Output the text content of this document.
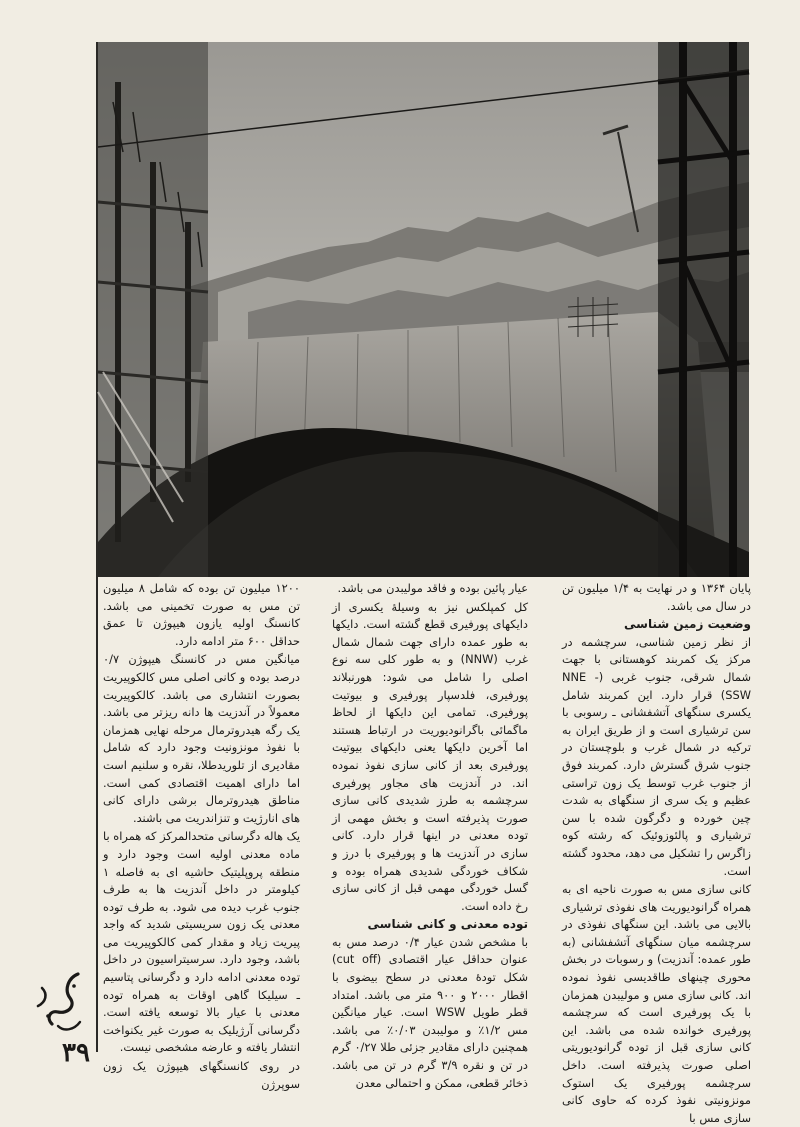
پایان ۱۳۶۴ و در نهایت به ۱/۴ میلیون تن در سال می باشد.

وضعیت زمین شناسی

از نظر زمین شناسی، سرچشمه در مرکز یک کمربند کوهستانی با جهت شمال شرقی، جنوب غربی (NNE - SSW) قرار دارد. این کمربند شامل یکسری سنگهای آتشفشانی ـ رسوبی با سن ترشیاری است و از طریق ایران به ترکیه در شمال غرب و بلوچستان در جنوب شرق گسترش دارد. کمربند فوق از جنوب غرب توسط یک زون تراستی عظیم و یک سری از سنگهای به شدت چین خورده و دگرگون شده با سن ترشیاری و پالئوزوئیک که رشته کوه زاگرس را تشکیل می دهد، محدود گشته است.

کانی سازی مس به صورت ناحیه ای به همراه گرانودیوریت های نفوذی ترشیاری بالایی می باشد. این سنگهای نفوذی در سرچشمه میان سنگهای آتشفشانی (به طور عمده: آندزیت) و رسوبات در بخش محوری چینهای طاقدیسی نفوذ نموده اند. کانی سازی مس و مولیبدن همزمان با یک پورفیری است که سرچشمه پورفیری خوانده شده می باشد. این کانی سازی قبل از توده گرانودیوریتی اصلی صورت پذیرفته است. داخل سرچشمه پورفیری یک استوک مونزونیتی نفوذ کرده که حاوی کانی سازی مس با

عیار پائین بوده و فاقد مولیبدن می باشد.

کل کمپلکس نیز به وسیلهٔ یکسری از دایکهای پورفیری قطع گشته است. دایکها به طور عمده دارای جهت شمال شمال غرب (NNW) و به طور کلی سه نوع اصلی را شامل می شود: هورنبلاند پورفیری، فلدسپار پورفیری و بیوتیت پورفیری. تمامی این دایکها از لحاظ ماگمائی باگرانودیوریت در ارتباط هستند اما آخرین دایکها یعنی دایکهای بیوتیت پورفیری بعد از کانی سازی نفوذ نموده اند. در آندزیت های مجاور پورفیری سرچشمه به طرز شدیدی کانی سازی صورت پذیرفته است و بخش مهمی از توده معدنی در اینها قرار دارد. کانی سازی در آندزیت ها و پورفیری با درز و شکاف خوردگی شدیدی همراه بوده و گسل خوردگی مهمی قبل از کانی سازی رخ داده است.

توده معدنی و کانی شناسی

با مشخص شدن عیار ۰/۴ درصد مس به عنوان حداقل عیار اقتصادی (cut off) شکل تودهٔ معدنی در سطح بیضوی با اقطار ۲۰۰۰ و ۹۰۰ متر می باشد. امتداد قطر طویل WSW است. عیار میانگین مس ۱/۲٪ و مولیبدن ۰/۰۳٪ می باشد. همچنین دارای مقادیر جزئی طلا ۰/۲۷ گرم در تن و نقره ۳/۹ گرم در تن می باشد. ذخائر قطعی، ممکن و احتمالی معدن

۱۲۰۰ میلیون تن بوده که شامل ۸ میلیون تن مس به صورت تخمینی می باشد. کانسنگ اولیه یازون هیپوژن تا عمق حداقل ۶۰۰ متر ادامه دارد.

میانگین مس در کانسنگ هیپوژن ۰/۷ درصد بوده و کانی اصلی مس کالکوپیریت بصورت انتشاری می باشد. کالکوپیریت معمولاً در آندزیت ها دانه ریزتر می باشد. یک رگه هیدروترمال مرحله نهایی همزمان با نفوذ مونزونیت وجود دارد که شامل مقادیری از تلوریدطلا، نقره و سلنیم است اما دارای اهمیت اقتصادی کمی است. مناطق هیدروترمال برشی دارای کانی های انارژیت و تنزاندریت می باشند.

یک هاله دگرسانی متحدالمرکز که همراه با ماده معدنی اولیه است وجود دارد و منطقه پروپلیتیک حاشیه ای به فاصله ۱ کیلومتر در داخل آندزیت ها به طرف جنوب غرب دیده می شود. به طرف توده معدنی یک زون سریسیتی شدید که واجد پیریت زیاد و مقدار کمی کالکوپیریت می باشد، وجود دارد. سرسیتراسیون در داخل توده معدنی ادامه دارد و دگرسانی پتاسیم ـ سیلیکا گاهی اوقات به همراه توده معدنی با عیار بالا توسعه یافته است. دگرسانی آرژیلیک به صورت غیر یکنواخت انتشار یافته و عارضه مشخصی نیست.

در روی کانسنگهای هیپوژن یک زون سوپرژن

۳۹
